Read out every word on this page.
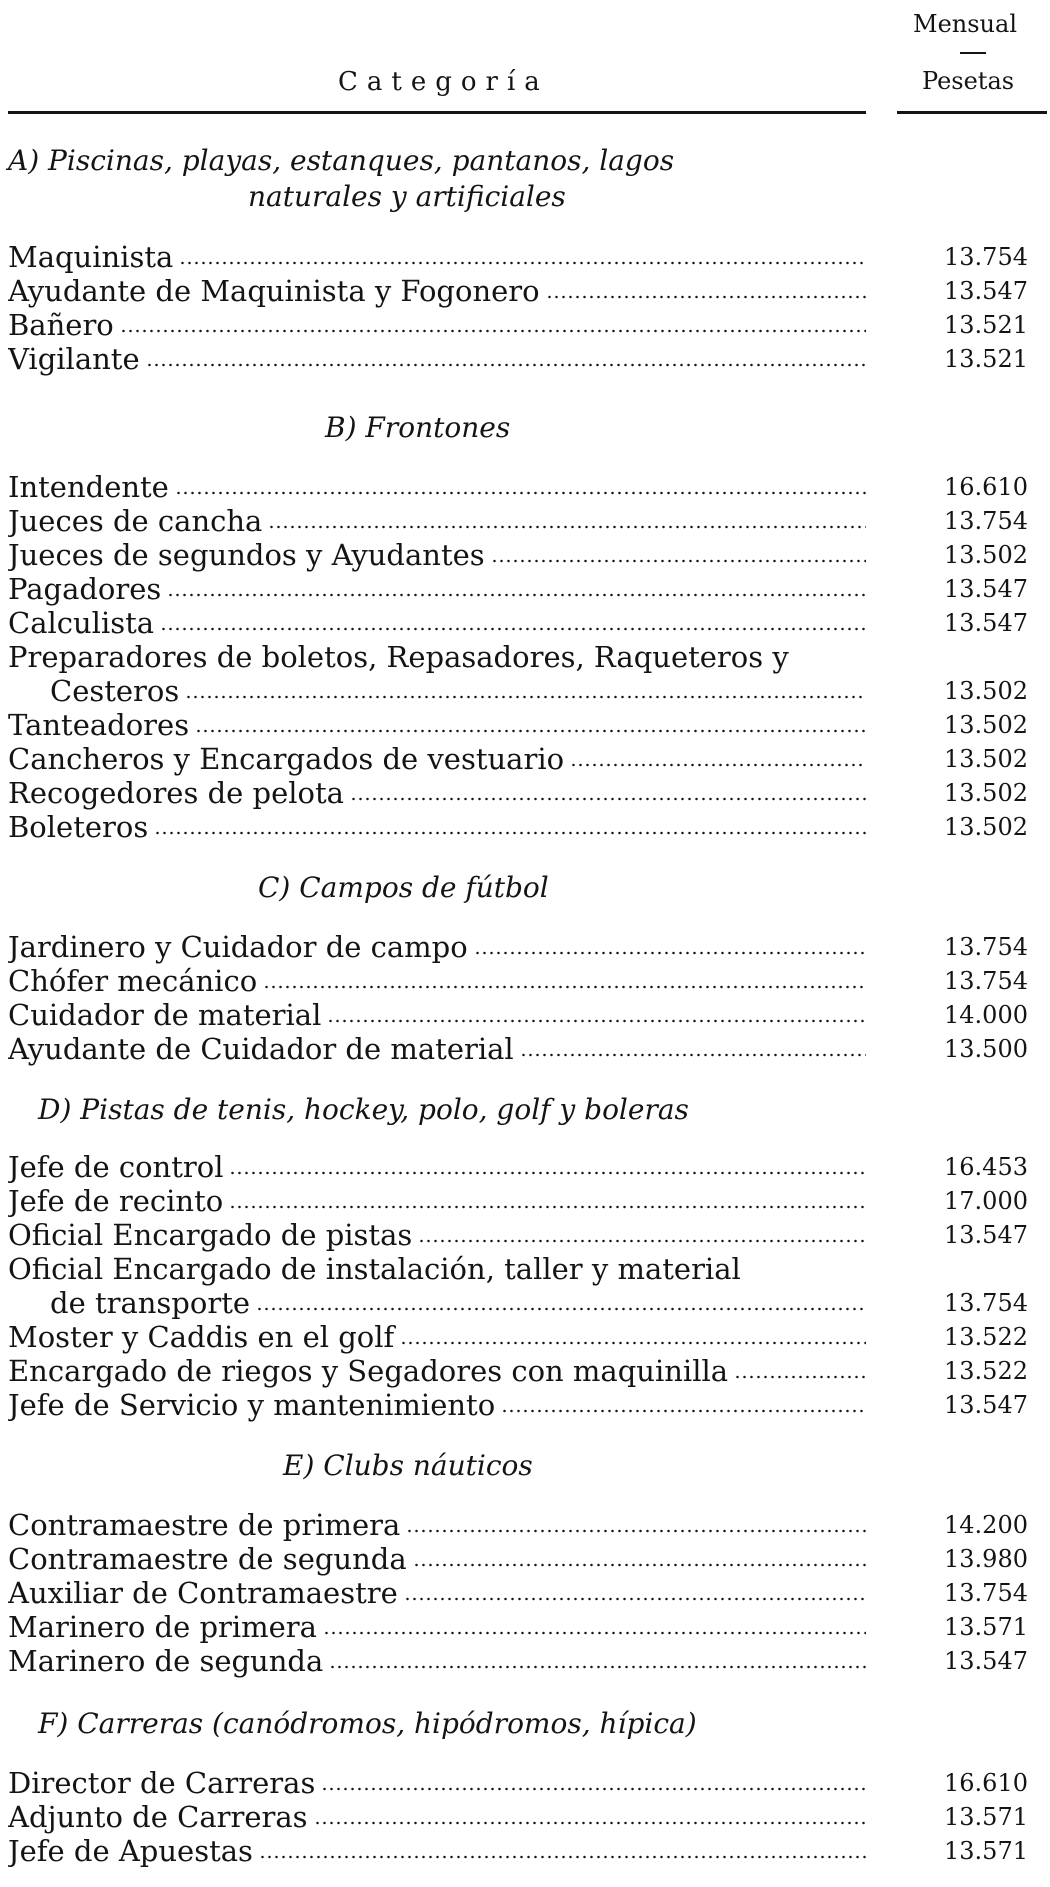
Mensual
Categoría	Pesetas
A) Piscinas, playas, estanques, pantanos, lagos
naturales y artificiales
Maquinista	13.754
Ayudante de Maquinista y Fogonero	13.547
Bañero	13.521
Vigilante	13.521
B) Frontones
Intendente	16.610
Jueces de cancha	13.754
Jueces de segundos y Ayudantes	13.502
Pagadores	13.547
Calculista	13.547
Preparadores de boletos, Repasadores, Raqueteros y
Cesteros	13.502
Tanteadores	13.502
Cancheros y Encargados de vestuario	13.502
Recogedores de pelota	13.502
Boleteros	13.502
C) Campos de fútbol
Jardinero y Cuidador de campo	13.754
Chófer mecánico	13.754
Cuidador de material	14.000
Ayudante de Cuidador de material	13.500
D) Pistas de tenis, hockey, polo, golf y boleras
Jefe de control	16.453
Jefe de recinto	17.000
Oficial Encargado de pistas	13.547
Oficial Encargado de instalación, taller y material
de transporte	13.754
Moster y Caddis en el golf	13.522
Encargado de riegos y Segadores con maquinilla	13.522
Jefe de Servicio y mantenimiento	13.547
E) Clubs náuticos
Contramaestre de primera	14.200
Contramaestre de segunda	13.980
Auxiliar de Contramaestre	13.754
Marinero de primera	13.571
Marinero de segunda	13.547
F) Carreras (canódromos, hipódromos, hípica)
Director de Carreras	16.610
Adjunto de Carreras	13.571
Jefe de Apuestas	13.571
